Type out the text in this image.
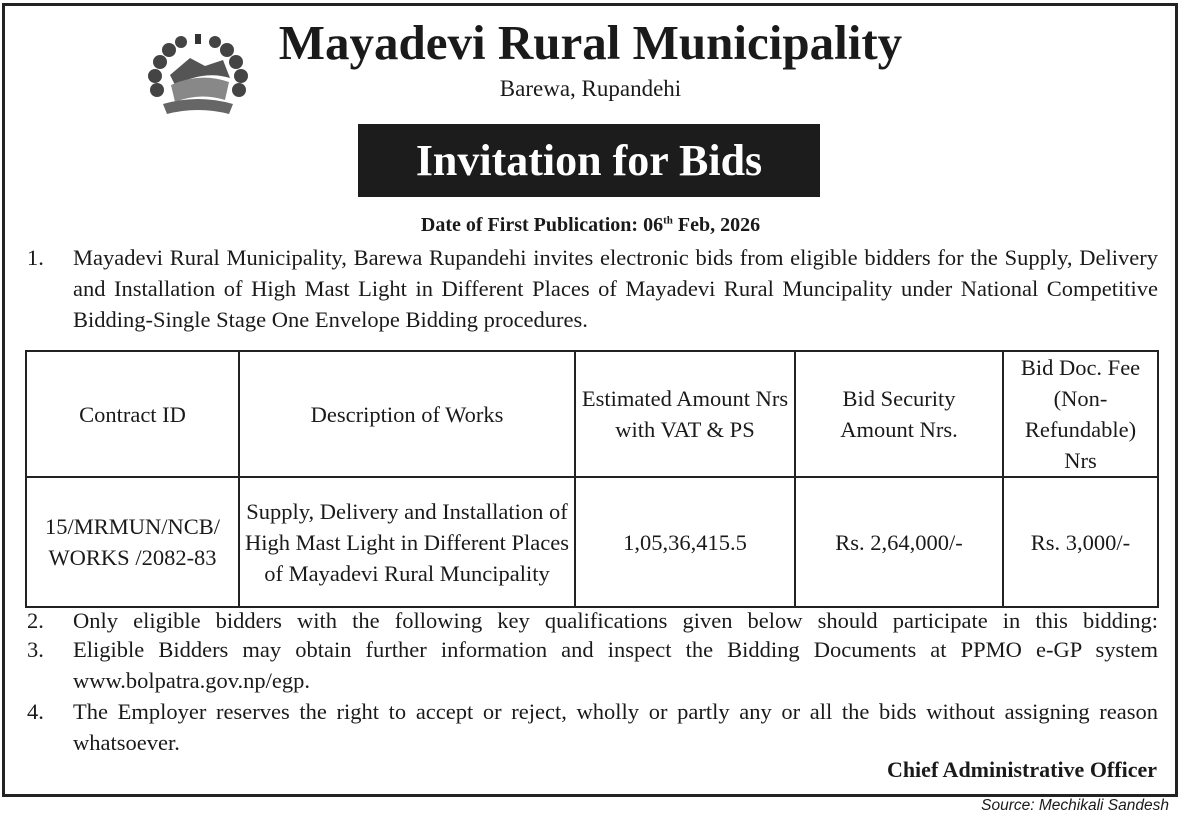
Mayadevi Rural Municipality
Barewa, Rupandehi
Invitation for Bids
Date of First Publication: 06th Feb, 2026
1. Mayadevi Rural Municipality, Barewa Rupandehi invites electronic bids from eligible bidders for the Supply, Delivery and Installation of High Mast Light in Different Places of Mayadevi Rural Muncipality under National Competitive Bidding-Single Stage One Envelope Bidding procedures.
Contract ID	Description of Works	Estimated Amount Nrs with VAT & PS	Bid Security Amount Nrs.	Bid Doc. Fee (Non-Refundable) Nrs
15/MRMUN/NCB/ WORKS /2082-83	Supply, Delivery and Installation of High Mast Light in Different Places of Mayadevi Rural Muncipality	1,05,36,415.5	Rs. 2,64,000/-	Rs. 3,000/-
2. Only eligible bidders with the following key qualifications given below should participate in this bidding:
3. Eligible Bidders may obtain further information and inspect the Bidding Documents at PPMO e-GP system www.bolpatra.gov.np/egp.
4. The Employer reserves the right to accept or reject, wholly or partly any or all the bids without assigning reason whatsoever.
Chief Administrative Officer
Source: Mechikali Sandesh
